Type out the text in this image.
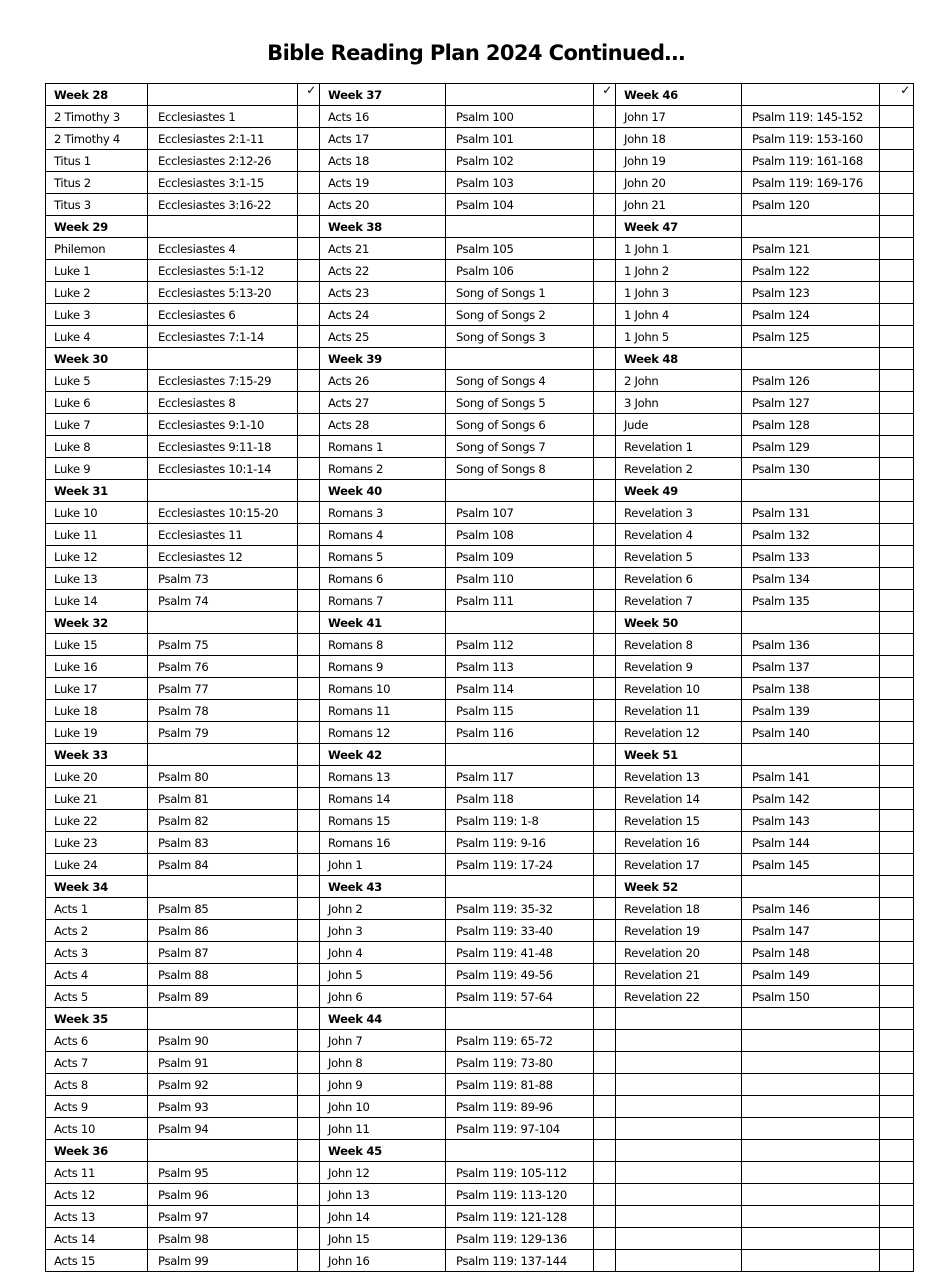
Bible Reading Plan 2024 Continued…
Week 28		✓	Week 37		✓	Week 46		✓
2 Timothy 3	Ecclesiastes 1		Acts 16	Psalm 100		John 17	Psalm 119: 145-152	
2 Timothy 4	Ecclesiastes 2:1-11		Acts 17	Psalm 101		John 18	Psalm 119: 153-160	
Titus 1	Ecclesiastes 2:12-26		Acts 18	Psalm 102		John 19	Psalm 119: 161-168	
Titus 2	Ecclesiastes 3:1-15		Acts 19	Psalm 103		John 20	Psalm 119: 169-176	
Titus 3	Ecclesiastes 3:16-22		Acts 20	Psalm 104		John 21	Psalm 120	
Week 29			Week 38			Week 47		
Philemon	Ecclesiastes 4		Acts 21	Psalm 105		1 John 1	Psalm 121	
Luke 1	Ecclesiastes 5:1-12		Acts 22	Psalm 106		1 John 2	Psalm 122	
Luke 2	Ecclesiastes 5:13-20		Acts 23	Song of Songs 1		1 John 3	Psalm 123	
Luke 3	Ecclesiastes 6		Acts 24	Song of Songs 2		1 John 4	Psalm 124	
Luke 4	Ecclesiastes 7:1-14		Acts 25	Song of Songs 3		1 John 5	Psalm 125	
Week 30			Week 39			Week 48		
Luke 5	Ecclesiastes 7:15-29		Acts 26	Song of Songs 4		2 John	Psalm 126	
Luke 6	Ecclesiastes 8		Acts 27	Song of Songs 5		3 John	Psalm 127	
Luke 7	Ecclesiastes 9:1-10		Acts 28	Song of Songs 6		Jude	Psalm 128	
Luke 8	Ecclesiastes 9:11-18		Romans 1	Song of Songs 7		Revelation 1	Psalm 129	
Luke 9	Ecclesiastes 10:1-14		Romans 2	Song of Songs 8		Revelation 2	Psalm 130	
Week 31			Week 40			Week 49		
Luke 10	Ecclesiastes 10:15-20		Romans 3	Psalm 107		Revelation 3	Psalm 131	
Luke 11	Ecclesiastes 11		Romans 4	Psalm 108		Revelation 4	Psalm 132	
Luke 12	Ecclesiastes 12		Romans 5	Psalm 109		Revelation 5	Psalm 133	
Luke 13	Psalm 73		Romans 6	Psalm 110		Revelation 6	Psalm 134	
Luke 14	Psalm 74		Romans 7	Psalm 111		Revelation 7	Psalm 135	
Week 32			Week 41			Week 50		
Luke 15	Psalm 75		Romans 8	Psalm 112		Revelation 8	Psalm 136	
Luke 16	Psalm 76		Romans 9	Psalm 113		Revelation 9	Psalm 137	
Luke 17	Psalm 77		Romans 10	Psalm 114		Revelation 10	Psalm 138	
Luke 18	Psalm 78		Romans 11	Psalm 115		Revelation 11	Psalm 139	
Luke 19	Psalm 79		Romans 12	Psalm 116		Revelation 12	Psalm 140	
Week 33			Week 42			Week 51		
Luke 20	Psalm 80		Romans 13	Psalm 117		Revelation 13	Psalm 141	
Luke 21	Psalm 81		Romans 14	Psalm 118		Revelation 14	Psalm 142	
Luke 22	Psalm 82		Romans 15	Psalm 119: 1-8		Revelation 15	Psalm 143	
Luke 23	Psalm 83		Romans 16	Psalm 119: 9-16		Revelation 16	Psalm 144	
Luke 24	Psalm 84		John 1	Psalm 119: 17-24		Revelation 17	Psalm 145	
Week 34			Week 43			Week 52		
Acts 1	Psalm 85		John 2	Psalm 119: 35-32		Revelation 18	Psalm 146	
Acts 2	Psalm 86		John 3	Psalm 119: 33-40		Revelation 19	Psalm 147	
Acts 3	Psalm 87		John 4	Psalm 119: 41-48		Revelation 20	Psalm 148	
Acts 4	Psalm 88		John 5	Psalm 119: 49-56		Revelation 21	Psalm 149	
Acts 5	Psalm 89		John 6	Psalm 119: 57-64		Revelation 22	Psalm 150	
Week 35			Week 44					
Acts 6	Psalm 90		John 7	Psalm 119: 65-72				
Acts 7	Psalm 91		John 8	Psalm 119: 73-80				
Acts 8	Psalm 92		John 9	Psalm 119: 81-88				
Acts 9	Psalm 93		John 10	Psalm 119: 89-96				
Acts 10	Psalm 94		John 11	Psalm 119: 97-104				
Week 36			Week 45					
Acts 11	Psalm 95		John 12	Psalm 119: 105-112				
Acts 12	Psalm 96		John 13	Psalm 119: 113-120				
Acts 13	Psalm 97		John 14	Psalm 119: 121-128				
Acts 14	Psalm 98		John 15	Psalm 119: 129-136				
Acts 15	Psalm 99		John 16	Psalm 119: 137-144				
